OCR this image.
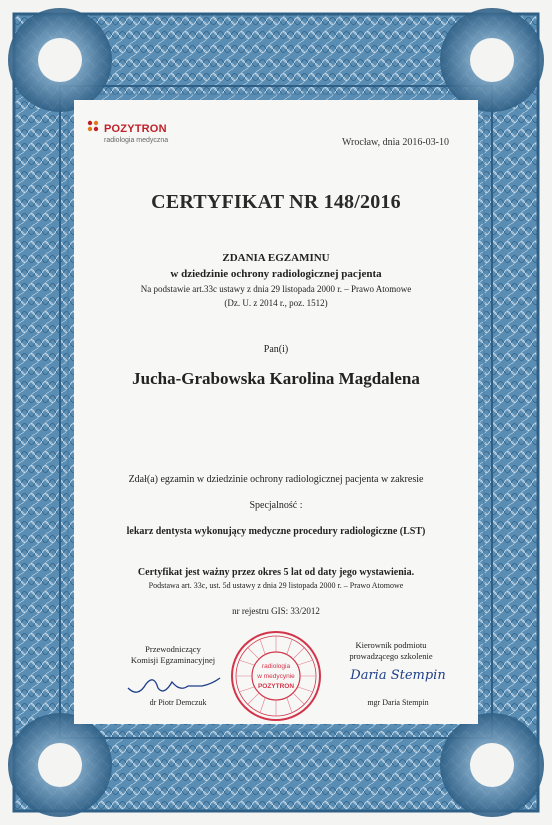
POZYTRON
radiologia medyczna	Wrocław, dnia 2016-03-10
CERTYFIKAT NR 148/2016
ZDANIA EGZAMINU
w dziedzinie ochrony radiologicznej pacjenta
Na podstawie art.33c ustawy z dnia 29 listopada 2000 r. – Prawo Atomowe
(Dz. U. z 2014 r., poz. 1512)
Pan(i)
Jucha-Grabowska Karolina Magdalena
Zdał(a) egzamin w dziedzinie ochrony radiologicznej pacjenta w zakresie
Specjalność :
lekarz dentysta wykonujący medyczne procedury radiologiczne (LST)
Certyfikat jest ważny przez okres 5 lat od daty jego wystawienia.
Podstawa art. 33c, ust. 5d ustawy z dnia 29 listopada 2000 r. – Prawo Atomowe
nr rejestru GIS: 33/2012
Przewodniczący
Komisji Egzaminacyjnej
dr Piotr Demczuk
Kierownik podmiotu
prowadzącego szkolenie
Daria Stempin
mgr Daria Stempin
radiologia
w medycynie
POZYTRON
